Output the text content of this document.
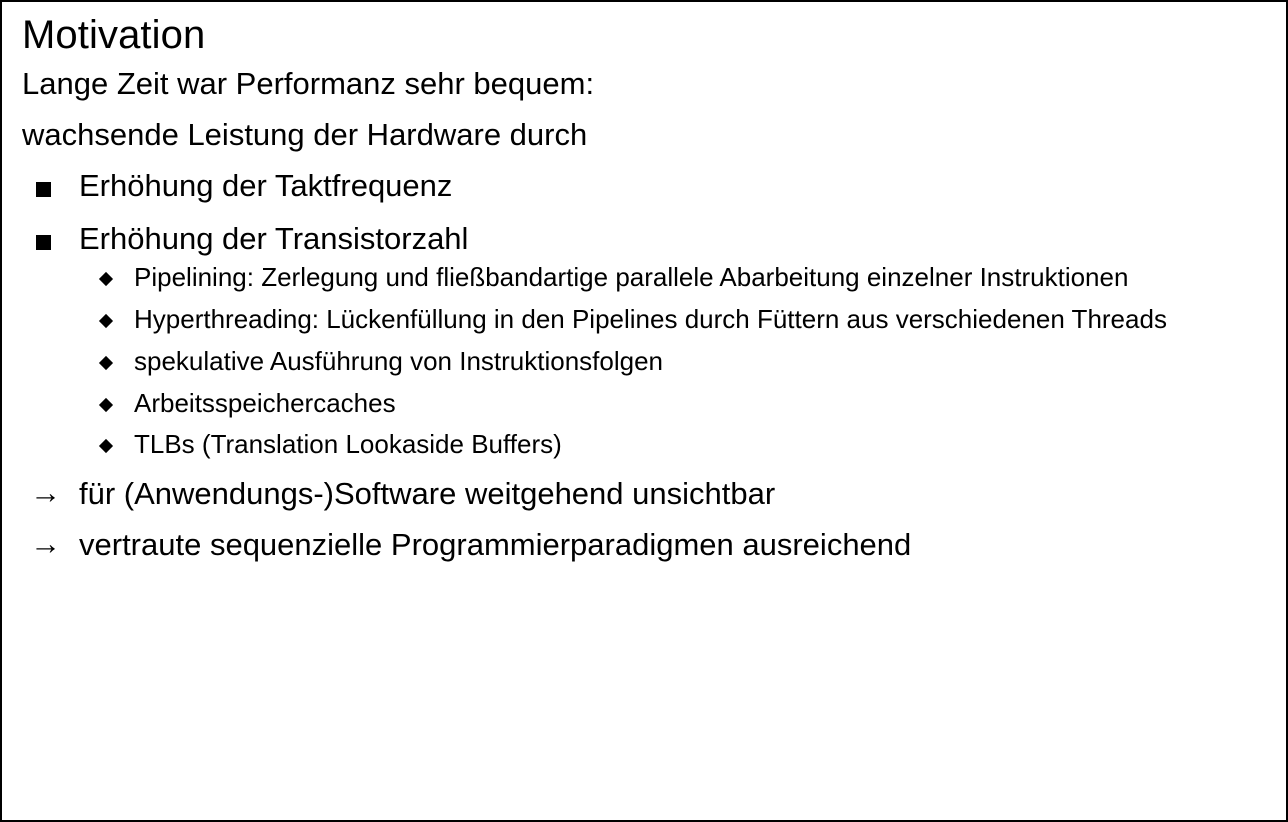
Motivation

Lange Zeit war Performanz sehr bequem:

wachsende Leistung der Hardware durch

Erhöhung der Taktfrequenz
Erhöhung der Transistorzahl
Pipelining: Zerlegung und fließbandartige parallele Abarbeitung einzelner Instruktionen
Hyperthreading: Lückenfüllung in den Pipelines durch Füttern aus verschiedenen Threads
spekulative Ausführung von Instruktionsfolgen
Arbeitsspeichercaches
TLBs (Translation Lookaside Buffers)
→ für (Anwendungs-)Software weitgehend unsichtbar
→ vertraute sequenzielle Programmierparadigmen ausreichend
